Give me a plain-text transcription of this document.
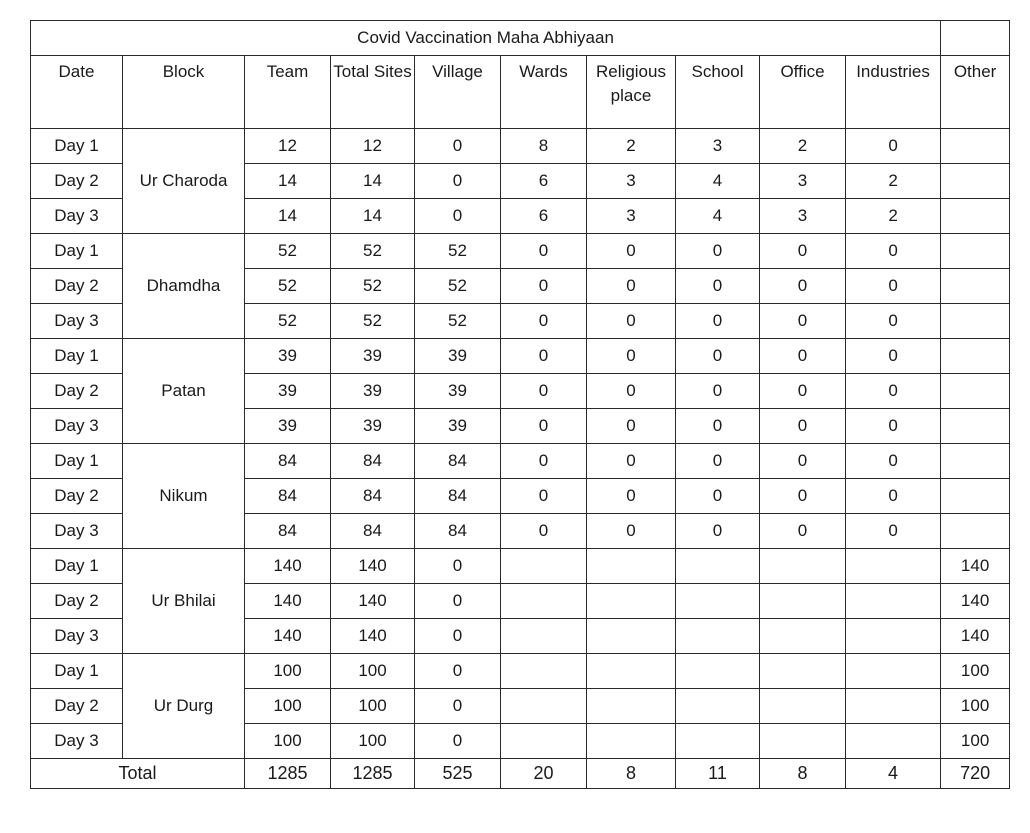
Covid Vaccination Maha Abhiyaan										
Date	Block	Team	Total Sites	Village	Wards	Religious place	School	Office	Industries	Other
Day 1	Ur Charoda	12	12	0	8	2	3	2	0	
Day 2		14	14	0	6	3	4	3	2	
Day 3		14	14	0	6	3	4	3	2	
Day 1	Dhamdha	52	52	52	0	0	0	0	0	
Day 2		52	52	52	0	0	0	0	0	
Day 3		52	52	52	0	0	0	0	0	
Day 1	Patan	39	39	39	0	0	0	0	0	
Day 2		39	39	39	0	0	0	0	0	
Day 3		39	39	39	0	0	0	0	0	
Day 1	Nikum	84	84	84	0	0	0	0	0	
Day 2		84	84	84	0	0	0	0	0	
Day 3		84	84	84	0	0	0	0	0	
Day 1	Ur Bhilai	140	140	0						140
Day 2		140	140	0						140
Day 3		140	140	0						140
Day 1	Ur Durg	100	100	0						100
Day 2		100	100	0						100
Day 3		100	100	0						100
Total		1285	1285	525	20	8	11	8	4	720
